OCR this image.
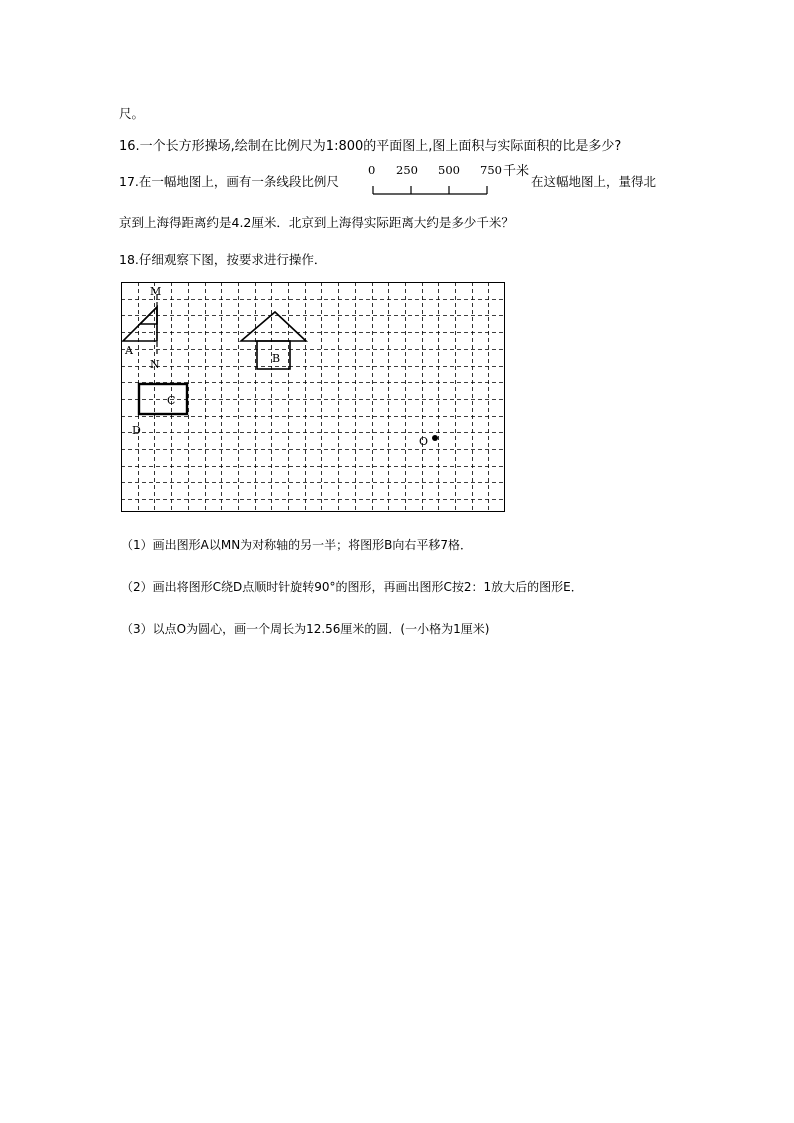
尺。
16.一个长方形操场,绘制在比例尺为1:800的平面图上,图上面积与实际面积的比是多少?
17.在一幅地图上，画有一条线段比例尺
0 250 500 750 千米
在这幅地图上，量得北
京到上海得距离约是4.2厘米．北京到上海得实际距离大约是多少千米？
18.仔细观察下图，按要求进行操作．
M
N
A
B
C
D
O
（1）画出图形A以MN为对称轴的另一半；将图形B向右平移7格．
（2）画出将图形C绕D点顺时针旋转90°的图形，再画出图形C按2：1放大后的图形E．
（3）以点O为圆心，画一个周长为12.56厘米的圆．(一小格为1厘米)
